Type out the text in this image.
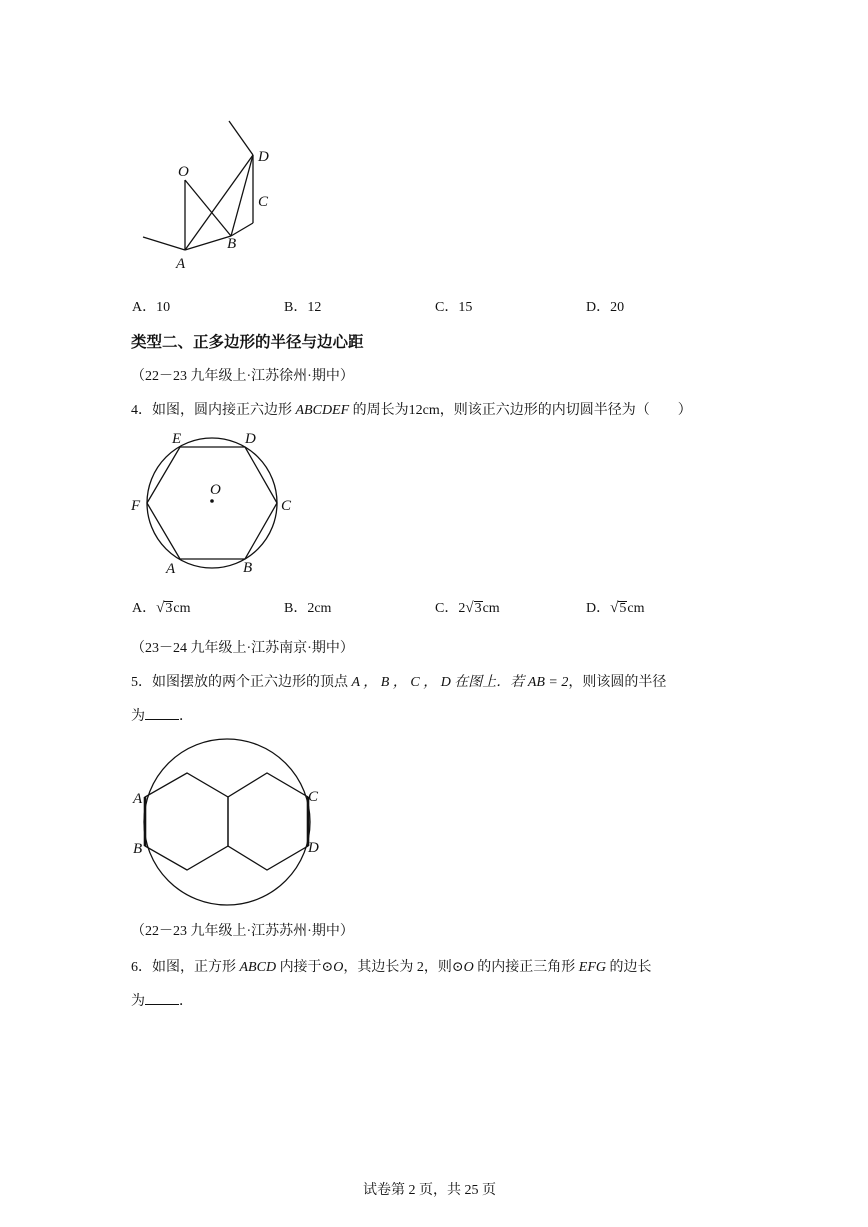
O
D
C
A
B
A．10	B．12	C．15	D．20
类型二、正多边形的半径与边心距
（22－23 九年级上·江苏徐州·期中）
4．如图，圆内接正六边形 ABCDEF 的周长为12cm，则该正六边形的内切圆半径为（　　）
E	D
F
O
C
A	B
A．√3cm	B．2cm	C．2√3cm	D．√5cm
（23－24 九年级上·江苏南京·期中）
5．如图摆放的两个正六边形的顶点 A ， B ， C ， D 在图上．若 AB = 2，则该圆的半径
为 ．
A
B
C
D
（22－23 九年级上·江苏苏州·期中）
6．如图，正方形 ABCD 内接于⊙O，其边长为 2，则⊙O 的内接正三角形 EFG 的边长
为 ．
试卷第 2 页，共 25 页
